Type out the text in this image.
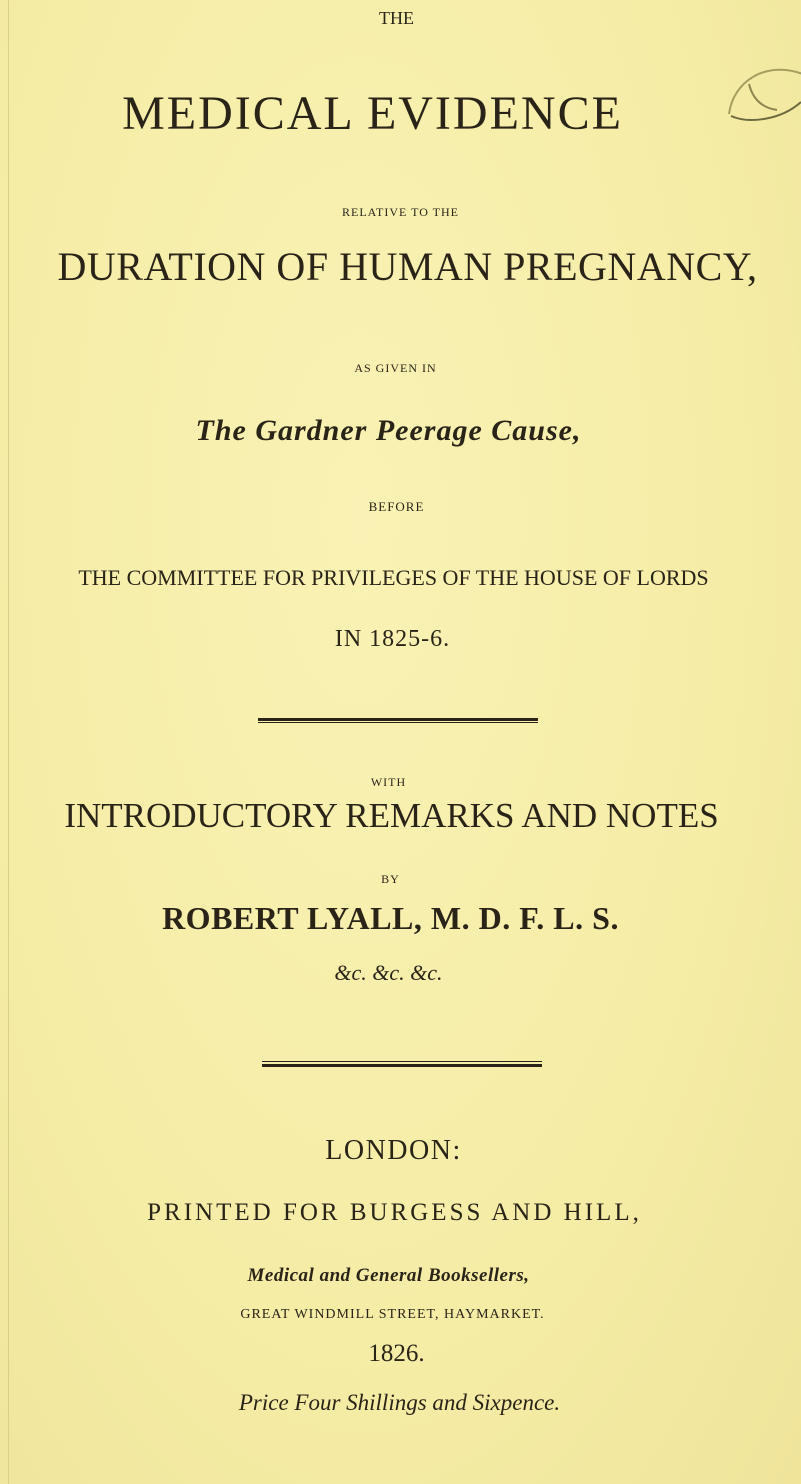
THE
MEDICAL EVIDENCE
RELATIVE TO THE
DURATION OF HUMAN PREGNANCY,
AS GIVEN IN
The Gardner Peerage Cause,
BEFORE
THE COMMITTEE FOR PRIVILEGES OF THE HOUSE OF LORDS
IN 1825-6.
WITH
INTRODUCTORY REMARKS AND NOTES
BY
ROBERT LYALL, M. D. F. L. S.
&c. &c. &c.
LONDON:
PRINTED FOR BURGESS AND HILL,
Medical and General Booksellers,
GREAT WINDMILL STREET, HAYMARKET.
1826.
Price Four Shillings and Sixpence.
